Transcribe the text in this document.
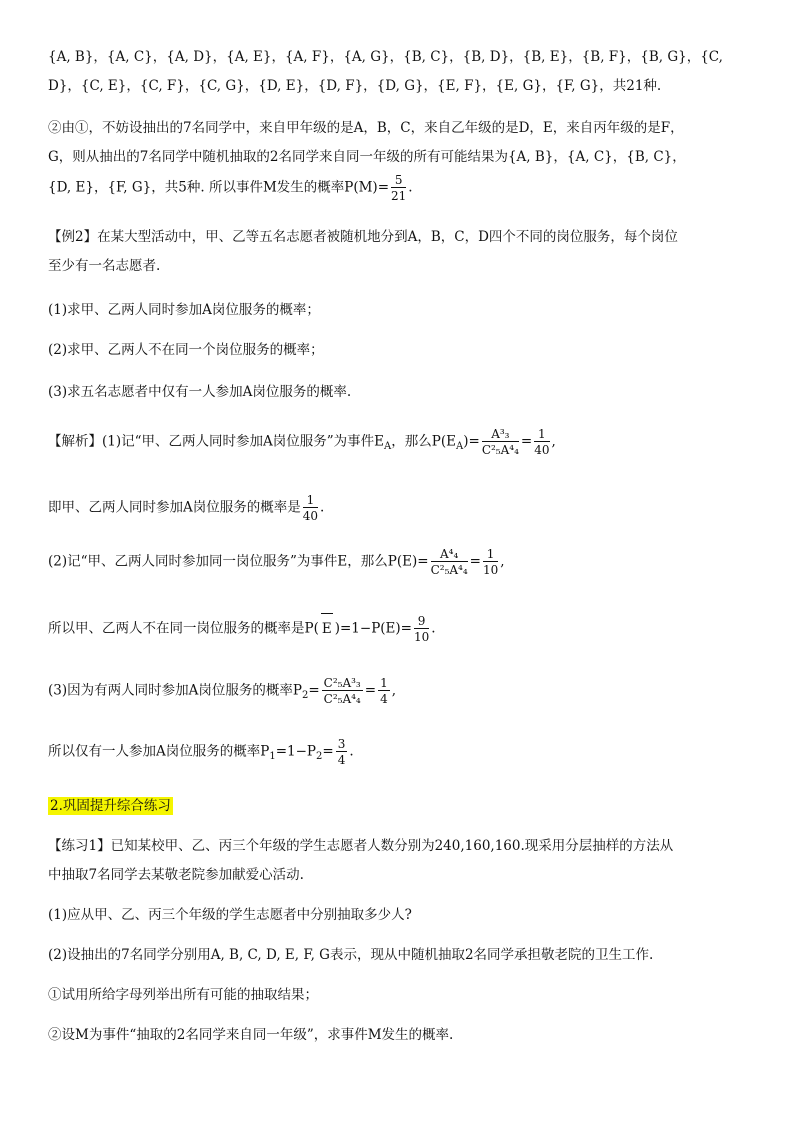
{A, B}，{A, C}，{A, D}，{A, E}，{A, F}，{A, G}，{B, C}，{B, D}，{B, E}，{B, F}，{B, G}，{C,
D}，{C, E}，{C, F}，{C, G}，{D, E}，{D, F}，{D, G}，{E, F}，{E, G}，{F, G}，共21种.
②由①，不妨设抽出的7名同学中，来自甲年级的是A，B，C，来自乙年级的是D，E，来自丙年级的是F，
G，则从抽出的7名同学中随机抽取的2名同学来自同一年级的所有可能结果为{A, B}，{A, C}，{B, C}，
{D, E}，{F, G}，共5种. 所以事件M发生的概率$P(M)= \frac{5}{21}$ .
【例2】在某大型活动中，甲、乙等五名志愿者被随机地分到A，B，C，D四个不同的岗位服务，每个岗位
至少有一名志愿者.
(1)求甲、乙两人同时参加A岗位服务的概率；
(2)求甲、乙两人不在同一个岗位服务的概率；
(3)求五名志愿者中仅有一人参加A岗位服务的概率.
【解析】(1)记“甲、乙两人同时参加A岗位服务”为事件$E_A$，那么$P(E_A)= \frac{\text{A³₃}}{\text{C²₅A⁴₄}} = \frac{1}{40}$ ,
即甲、乙两人同时参加A岗位服务的概率是 $\frac{1}{40}$ .
(2)记“甲、乙两人同时参加同一岗位服务”为事件E，那么$P(E)= \frac{\text{A⁴₄}}{\text{C²₅A⁴₄}} = \frac{1}{10}$ ,
所以甲、乙两人不在同一岗位服务的概率是P( E )$=1-P(E)= \frac{9}{10}$ .
(3)因为有两人同时参加A岗位服务的概率$P_2= \frac{\text{C²₅A³₃}}{\text{C²₅A⁴₄}} = \frac{1}{4}$ ,
所以仅有一人参加A岗位服务的概率$P_1=1-P_2= \frac{3}{4}$ .
2.巩固提升综合练习
【练习1】已知某校甲、乙、丙三个年级的学生志愿者人数分别为240,160,160.现采用分层抽样的方法从
中抽取7名同学去某敬老院参加献爱心活动.
(1)应从甲、乙、丙三个年级的学生志愿者中分别抽取多少人?
(2)设抽出的7名同学分别用A, B, C, D, E, F, G表示，现从中随机抽取2名同学承担敬老院的卫生工作.
①试用所给字母列举出所有可能的抽取结果；
②设M为事件“抽取的2名同学来自同一年级”，求事件M发生的概率.
